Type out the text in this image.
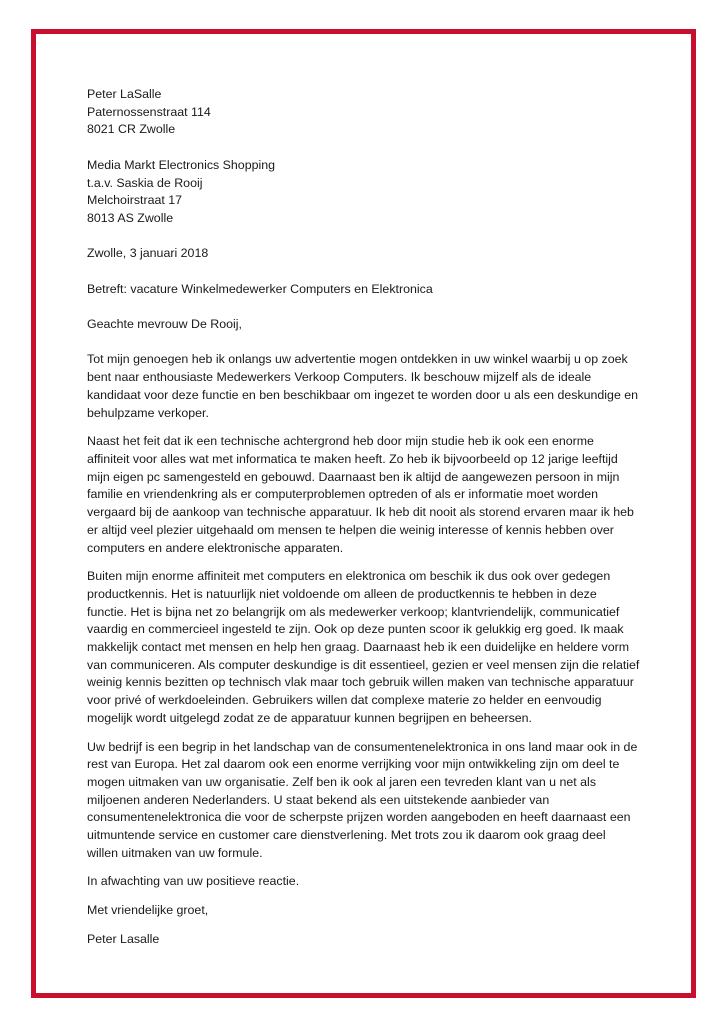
Peter LaSalle
Paternossenstraat 114
8021 CR Zwolle
Media Markt Electronics Shopping
t.a.v. Saskia de Rooij
Melchoirstraat 17
8013 AS Zwolle
Zwolle, 3 januari 2018
Betreft: vacature Winkelmedewerker Computers en Elektronica
Geachte mevrouw De Rooij,
Tot mijn genoegen heb ik onlangs uw advertentie mogen ontdekken in uw winkel waarbij u op zoek
bent naar enthousiaste Medewerkers Verkoop Computers. Ik beschouw mijzelf als de ideale
kandidaat voor deze functie en ben beschikbaar om ingezet te worden door u als een deskundige en
behulpzame verkoper.
Naast het feit dat ik een technische achtergrond heb door mijn studie heb ik ook een enorme
affiniteit voor alles wat met informatica te maken heeft. Zo heb ik bijvoorbeeld op 12 jarige leeftijd
mijn eigen pc samengesteld en gebouwd. Daarnaast ben ik altijd de aangewezen persoon in mijn
familie en vriendenkring als er computerproblemen optreden of als er informatie moet worden
vergaard bij de aankoop van technische apparatuur. Ik heb dit nooit als storend ervaren maar ik heb
er altijd veel plezier uitgehaald om mensen te helpen die weinig interesse of kennis hebben over
computers en andere elektronische apparaten.
Buiten mijn enorme affiniteit met computers en elektronica om beschik ik dus ook over gedegen
productkennis. Het is natuurlijk niet voldoende om alleen de productkennis te hebben in deze
functie. Het is bijna net zo belangrijk om als medewerker verkoop; klantvriendelijk, communicatief
vaardig en commercieel ingesteld te zijn. Ook op deze punten scoor ik gelukkig erg goed. Ik maak
makkelijk contact met mensen en help hen graag. Daarnaast heb ik een duidelijke en heldere vorm
van communiceren. Als computer deskundige is dit essentieel, gezien er veel mensen zijn die relatief
weinig kennis bezitten op technisch vlak maar toch gebruik willen maken van technische apparatuur
voor privé of werkdoeleinden. Gebruikers willen dat complexe materie zo helder en eenvoudig
mogelijk wordt uitgelegd zodat ze de apparatuur kunnen begrijpen en beheersen.
Uw bedrijf is een begrip in het landschap van de consumentenelektronica in ons land maar ook in de
rest van Europa. Het zal daarom ook een enorme verrijking voor mijn ontwikkeling zijn om deel te
mogen uitmaken van uw organisatie. Zelf ben ik ook al jaren een tevreden klant van u net als
miljoenen anderen Nederlanders. U staat bekend als een uitstekende aanbieder van
consumentenelektronica die voor de scherpste prijzen worden aangeboden en heeft daarnaast een
uitmuntende service en customer care dienstverlening. Met trots zou ik daarom ook graag deel
willen uitmaken van uw formule.
In afwachting van uw positieve reactie.
Met vriendelijke groet,
Peter Lasalle
